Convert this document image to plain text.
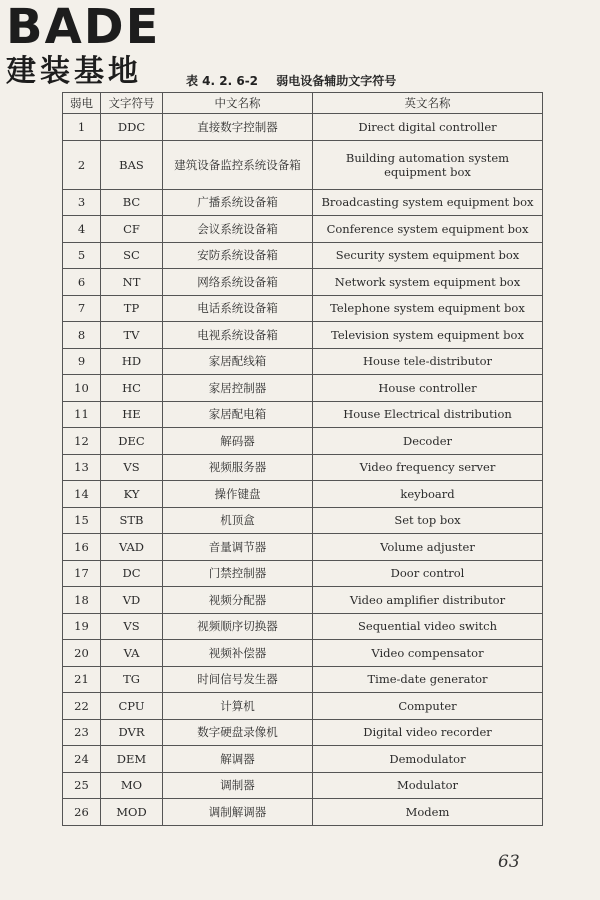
BADE
建装基地	表 4. 2. 6-2 弱电设备辅助文字符号
弱电	文字符号	中文名称	英文名称
1	DDC	直接数字控制器	Direct digital controller
2	BAS	建筑设备监控系统设备箱	Building automation system equipment box
3	BC	广播系统设备箱	Broadcasting system equipment box
4	CF	会议系统设备箱	Conference system equipment box
5	SC	安防系统设备箱	Security system equipment box
6	NT	网络系统设备箱	Network system equipment box
7	TP	电话系统设备箱	Telephone system equipment box
8	TV	电视系统设备箱	Television system equipment box
9	HD	家居配线箱	House tele-distributor
10	HC	家居控制器	House controller
11	HE	家居配电箱	House Electrical distribution
12	DEC	解码器	Decoder
13	VS	视频服务器	Video frequency server
14	KY	操作键盘	keyboard
15	STB	机顶盒	Set top box
16	VAD	音量调节器	Volume adjuster
17	DC	门禁控制器	Door control
18	VD	视频分配器	Video amplifier distributor
19	VS	视频顺序切换器	Sequential video switch
20	VA	视频补偿器	Video compensator
21	TG	时间信号发生器	Time-date generator
22	CPU	计算机	Computer
23	DVR	数字硬盘录像机	Digital video recorder
24	DEM	解调器	Demodulator
25	MO	调制器	Modulator
26	MOD	调制解调器	Modem
63
